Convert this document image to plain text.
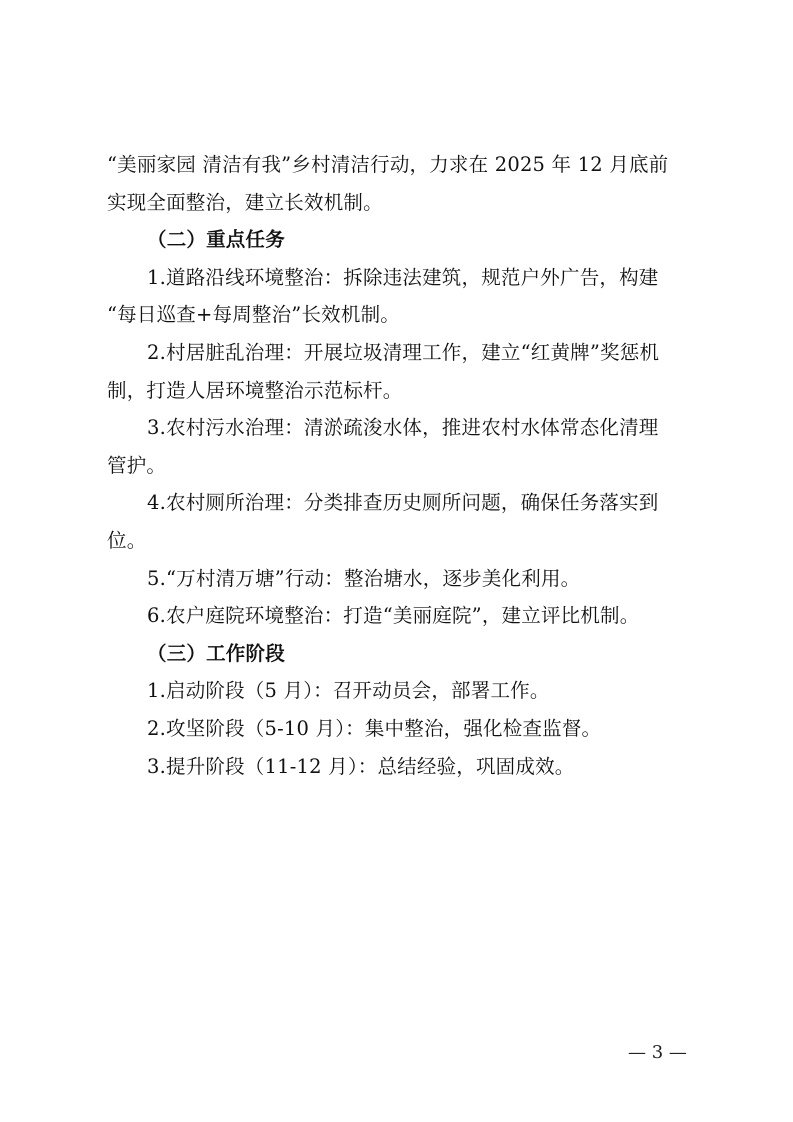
“美丽家园 清洁有我”乡村清洁行动，力求在 2025 年 12 月底前
实现全面整治，建立长效机制。
（二）重点任务
1.道路沿线环境整治：拆除违法建筑，规范户外广告，构建
“每日巡查+每周整治”长效机制。
2.村居脏乱治理：开展垃圾清理工作，建立“红黄牌”奖惩机
制，打造人居环境整治示范标杆。
3.农村污水治理：清淤疏浚水体，推进农村水体常态化清理
管护。
4.农村厕所治理：分类排查历史厕所问题，确保任务落实到
位。
5.“万村清万塘”行动：整治塘水，逐步美化利用。
6.农户庭院环境整治：打造“美丽庭院”，建立评比机制。
（三）工作阶段
1.启动阶段（5 月）：召开动员会，部署工作。
2.攻坚阶段（5-10 月）：集中整治，强化检查监督。
3.提升阶段（11-12 月）：总结经验，巩固成效。
— 3 —
